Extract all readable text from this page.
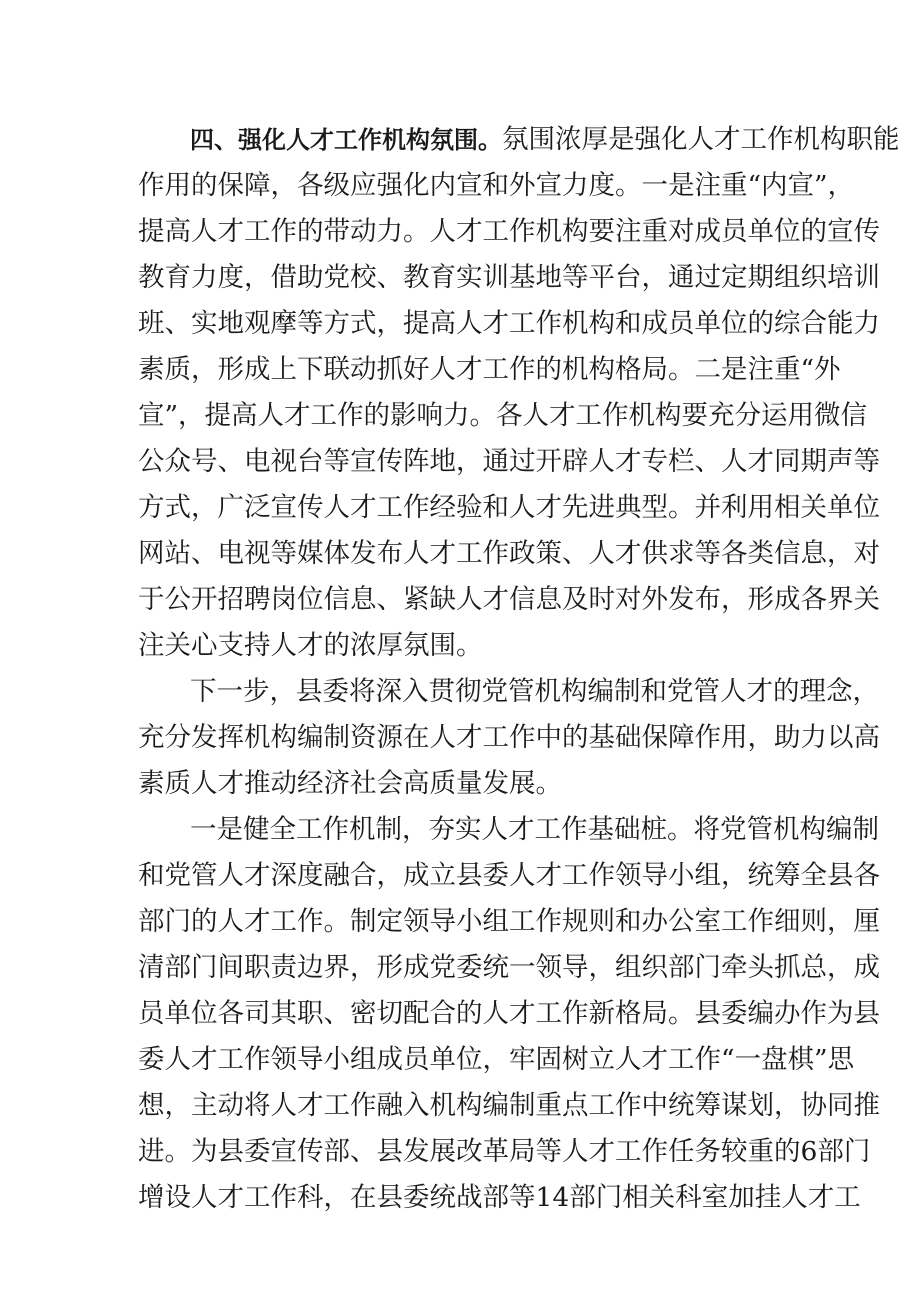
四、强化人才工作机构氛围。氛围浓厚是强化人才工作机构职能
作用的保障，各级应强化内宣和外宣力度。一是注重“内宣”，
提高人才工作的带动力。人才工作机构要注重对成员单位的宣传
教育力度，借助党校、教育实训基地等平台，通过定期组织培训
班、实地观摩等方式，提高人才工作机构和成员单位的综合能力
素质，形成上下联动抓好人才工作的机构格局。二是注重“外
宣”，提高人才工作的影响力。各人才工作机构要充分运用微信
公众号、电视台等宣传阵地，通过开辟人才专栏、人才同期声等
方式，广泛宣传人才工作经验和人才先进典型。并利用相关单位
网站、电视等媒体发布人才工作政策、人才供求等各类信息，对
于公开招聘岗位信息、紧缺人才信息及时对外发布，形成各界关
注关心支持人才的浓厚氛围。
下一步，县委将深入贯彻党管机构编制和党管人才的理念，
充分发挥机构编制资源在人才工作中的基础保障作用，助力以高
素质人才推动经济社会高质量发展。
一是健全工作机制，夯实人才工作基础桩。将党管机构编制
和党管人才深度融合，成立县委人才工作领导小组，统筹全县各
部门的人才工作。制定领导小组工作规则和办公室工作细则，厘
清部门间职责边界，形成党委统一领导，组织部门牵头抓总，成
员单位各司其职、密切配合的人才工作新格局。县委编办作为县
委人才工作领导小组成员单位，牢固树立人才工作“一盘棋”思
想，主动将人才工作融入机构编制重点工作中统筹谋划，协同推
进。为县委宣传部、县发展改革局等人才工作任务较重的6部门
增设人才工作科，在县委统战部等14部门相关科室加挂人才工
